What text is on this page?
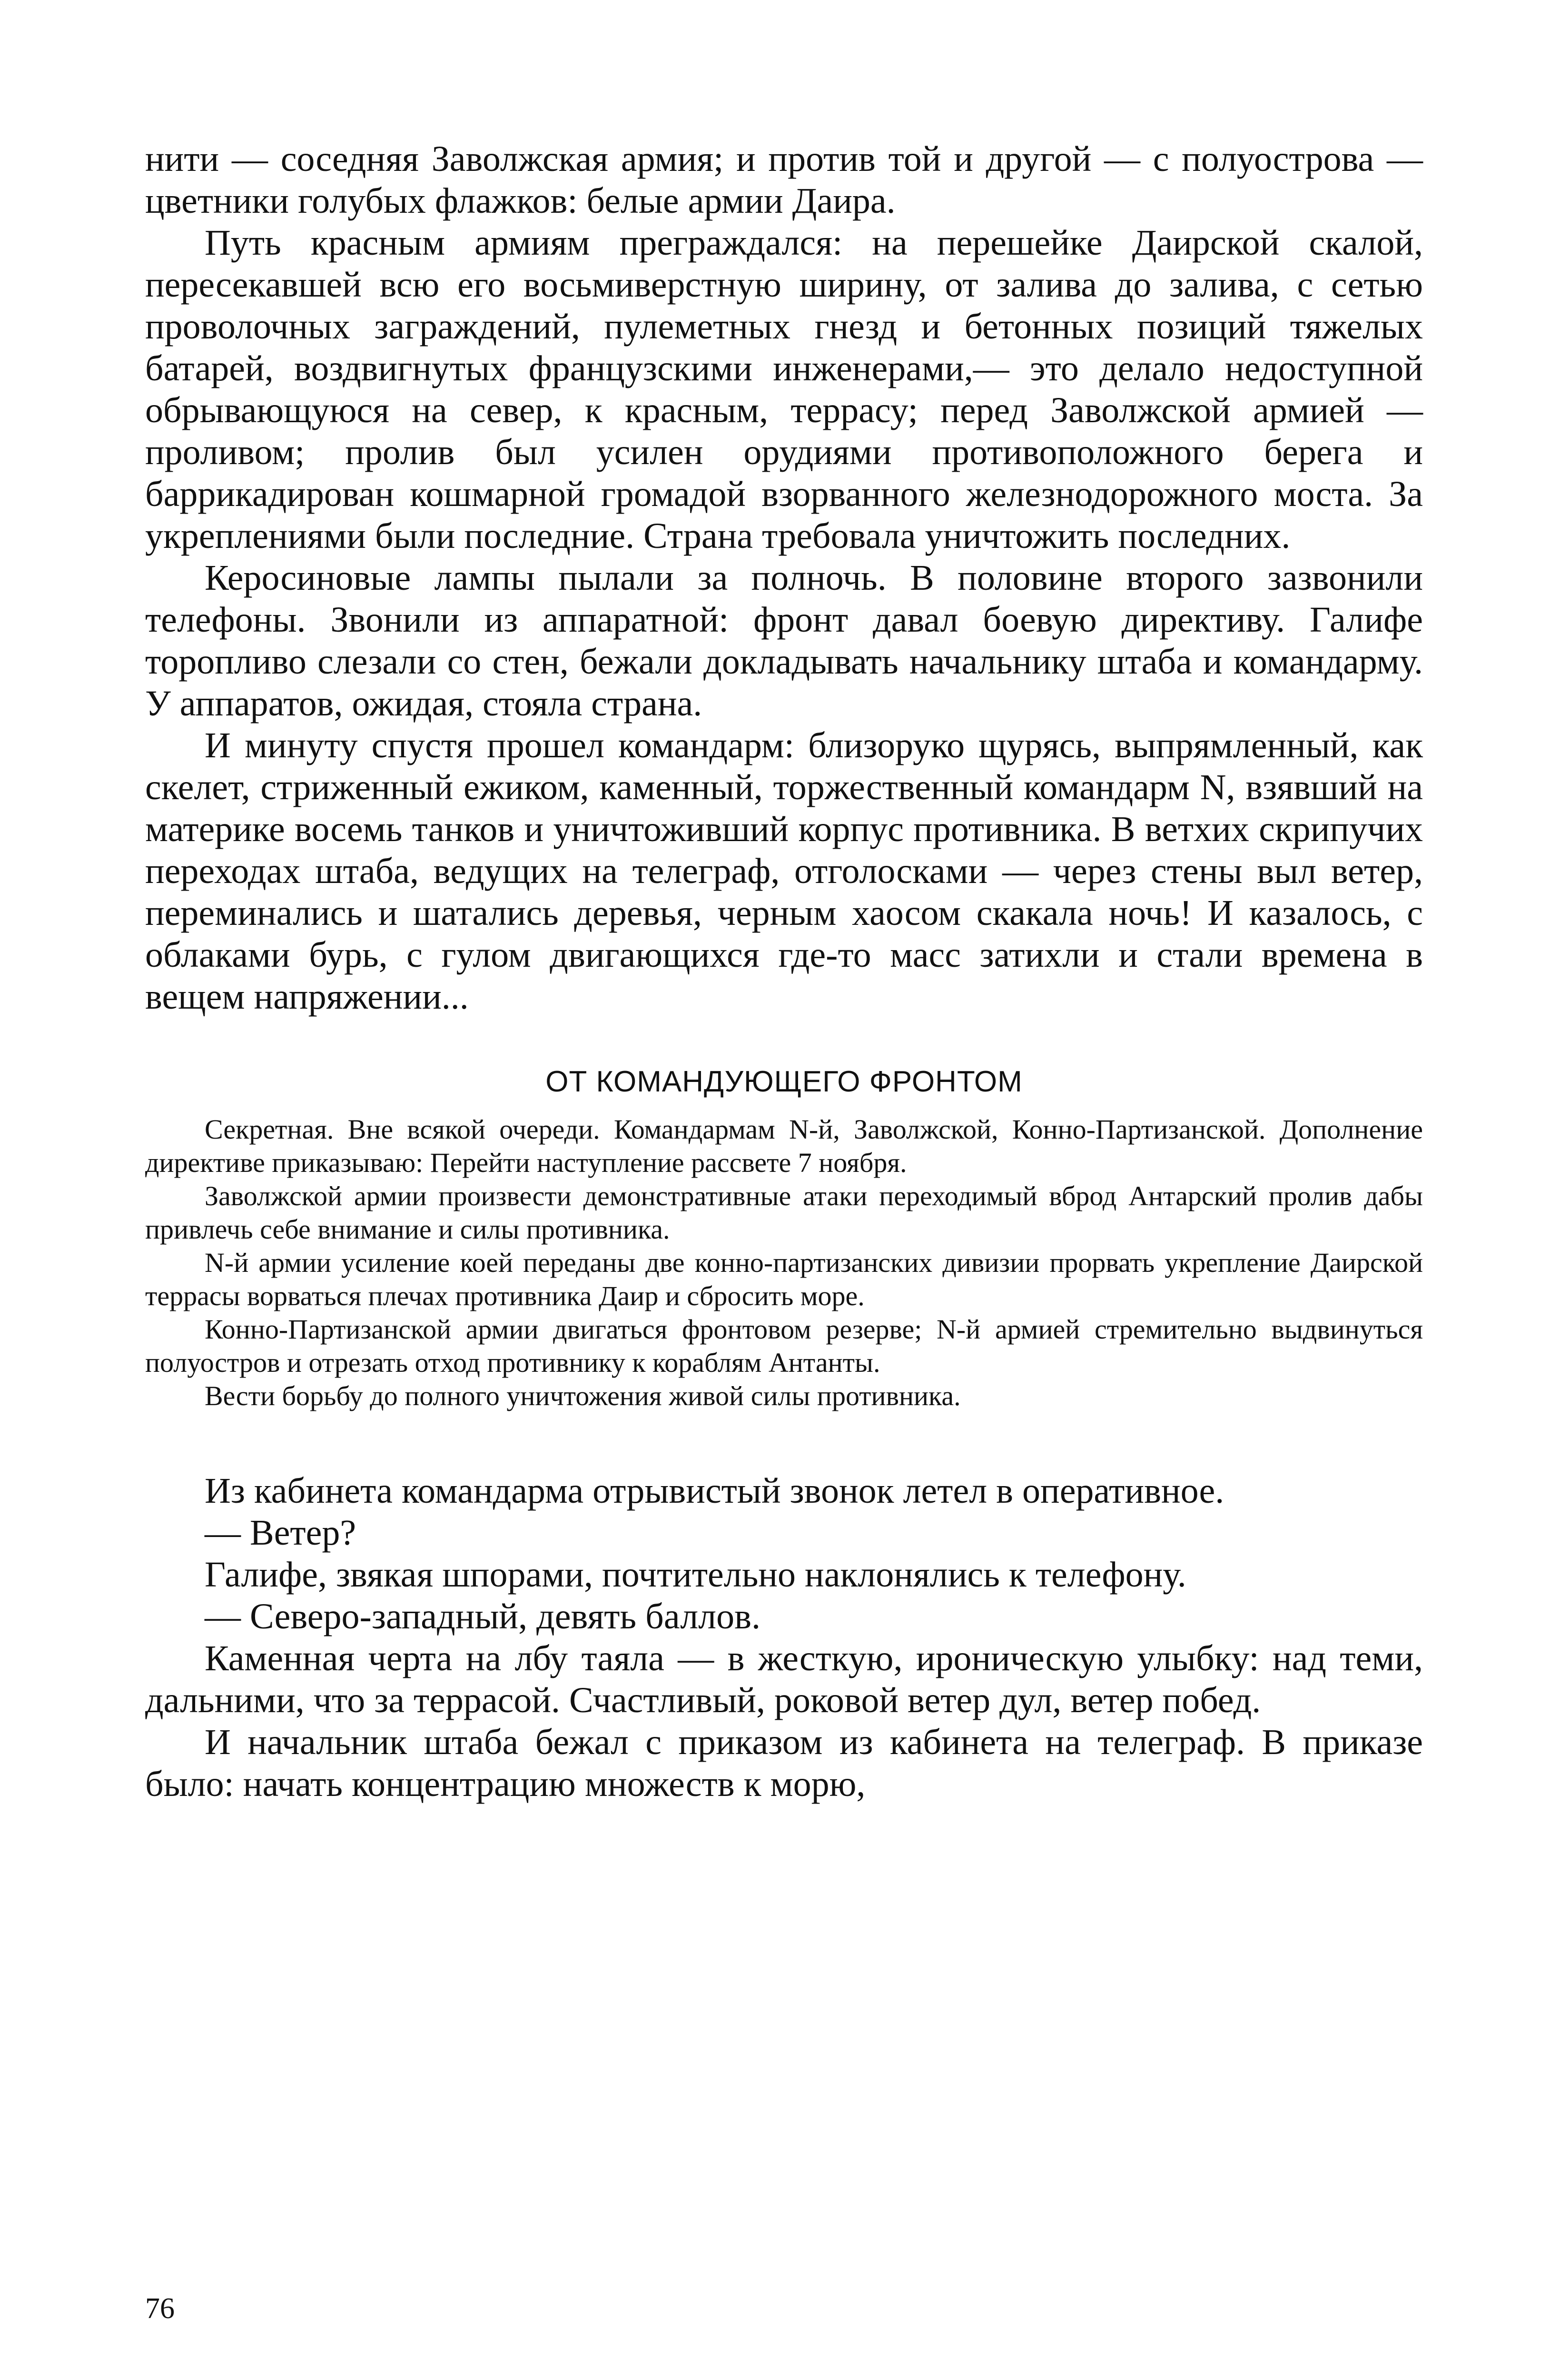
нити — соседняя Заволжская армия; и против той и другой — с полуострова — цветники голубых флажков: белые армии Даира.

Путь красным армиям преграждался: на перешейке Даирской скалой, пересекавшей всю его восьмиверстную ширину, от залива до залива, с сетью проволочных заграждений, пулеметных гнезд и бетонных позиций тяжелых батарей, воздвигнутых французскими инженерами,— это делало недоступной обрывающуюся на север, к красным, террасу; перед Заволжской армией — проливом; пролив был усилен орудиями противоположного берега и баррикадирован кошмарной громадой взорванного железнодорожного моста. За укреплениями были последние. Страна требовала уничтожить последних.

Керосиновые лампы пылали за полночь. В половине второго зазвонили телефоны. Звонили из аппаратной: фронт давал боевую директиву. Галифе торопливо слезали со стен, бежали докладывать начальнику штаба и командарму. У аппаратов, ожидая, стояла страна.

И минуту спустя прошел командарм: близоруко щурясь, выпрямленный, как скелет, стриженный ежиком, каменный, торжественный командарм N, взявший на материке восемь танков и уничтоживший корпус противника. В ветхих скрипучих переходах штаба, ведущих на телеграф, отголосками — через стены выл ветер, переминались и шатались деревья, черным хаосом скакала ночь! И казалось, с облаками бурь, с гулом двигающихся где-то масс затихли и стали времена в вещем напряжении...

ОТ КОМАНДУЮЩЕГО ФРОНТОМ

Секретная. Вне всякой очереди. Командармам N-й, Заволжской, Конно-Партизанской. Дополнение директиве приказываю: Перейти наступление рассвете 7 ноября.

Заволжской армии произвести демонстративные атаки переходимый вброд Антарский пролив дабы привлечь себе внимание и силы противника.

N-й армии усиление коей переданы две конно-партизанских дивизии прорвать укрепление Даирской террасы ворваться плечах противника Даир и сбросить море.

Конно-Партизанской армии двигаться фронтовом резерве; N-й армией стремительно выдвинуться полуостров и отрезать отход противнику к кораблям Антанты.

Вести борьбу до полного уничтожения живой силы противника.

Из кабинета командарма отрывистый звонок летел в оперативное.

— Ветер?

Галифе, звякая шпорами, почтительно наклонялись к телефону.

— Северо-западный, девять баллов.

Каменная черта на лбу таяла — в жесткую, ироническую улыбку: над теми, дальними, что за террасой. Счастливый, роковой ветер дул, ветер побед.

И начальник штаба бежал с приказом из кабинета на телеграф. В приказе было: начать концентрацию множеств к морю,

76
